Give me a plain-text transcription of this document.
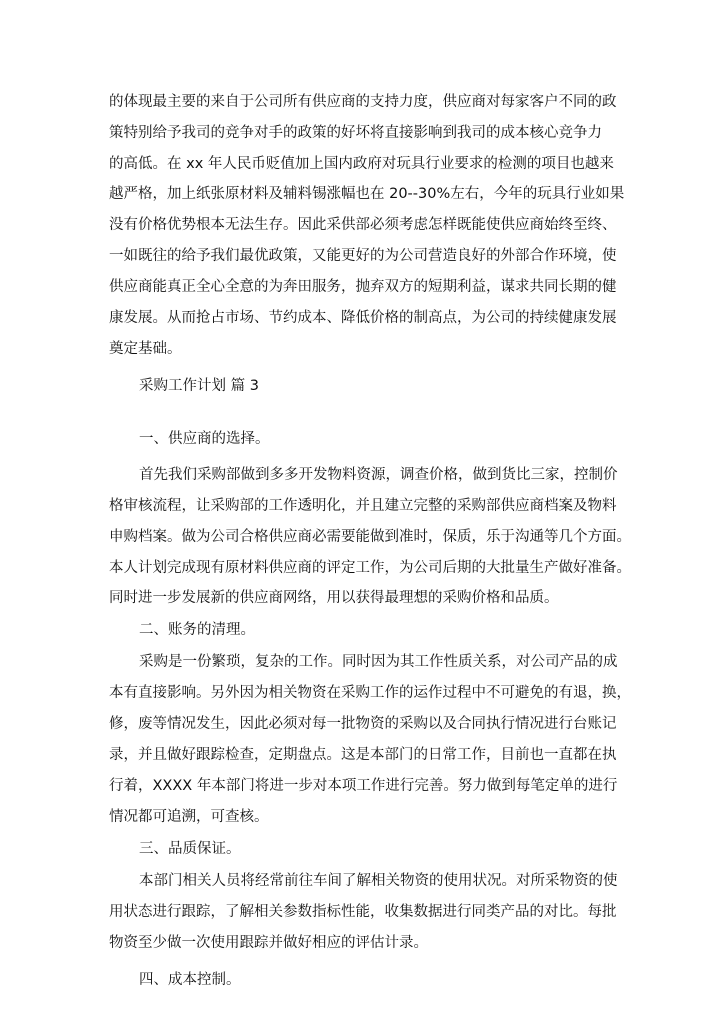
的体现最主要的来自于公司所有供应商的支持力度，供应商对每家客户不同的政
策特别给予我司的竞争对手的政策的好坏将直接影响到我司的成本核心竞争力
的高低。在 xx 年人民币贬值加上国内政府对玩具行业要求的检测的项目也越来
越严格，加上纸张原材料及辅料锡涨幅也在 20--30%左右，今年的玩具行业如果
没有价格优势根本无法生存。因此采供部必须考虑怎样既能使供应商始终至终、
一如既往的给予我们最优政策，又能更好的为公司营造良好的外部合作环境，使
供应商能真正全心全意的为奔田服务，抛弃双方的短期利益，谋求共同长期的健
康发展。从而抢占市场、节约成本、降低价格的制高点，为公司的持续健康发展
奠定基础。
采购工作计划 篇 3
一、供应商的选择。
首先我们采购部做到多多开发物料资源，调查价格，做到货比三家，控制价
格审核流程，让采购部的工作透明化，并且建立完整的采购部供应商档案及物料
申购档案。做为公司合格供应商必需要能做到准时，保质，乐于沟通等几个方面。
本人计划完成现有原材料供应商的评定工作，为公司后期的大批量生产做好准备。
同时进一步发展新的供应商网络，用以获得最理想的采购价格和品质。
二、账务的清理。
采购是一份繁琐，复杂的工作。同时因为其工作性质关系，对公司产品的成
本有直接影响。另外因为相关物资在采购工作的运作过程中不可避免的有退，换，
修，废等情况发生，因此必须对每一批物资的采购以及合同执行情况进行台账记
录，并且做好跟踪检查，定期盘点。这是本部门的日常工作，目前也一直都在执
行着，XXXX 年本部门将进一步对本项工作进行完善。努力做到每笔定单的进行
情况都可追溯，可查核。
三、品质保证。
本部门相关人员将经常前往车间了解相关物资的使用状况。对所采物资的使
用状态进行跟踪，了解相关参数指标性能，收集数据进行同类产品的对比。每批
物资至少做一次使用跟踪并做好相应的评估计录。
四、成本控制。
